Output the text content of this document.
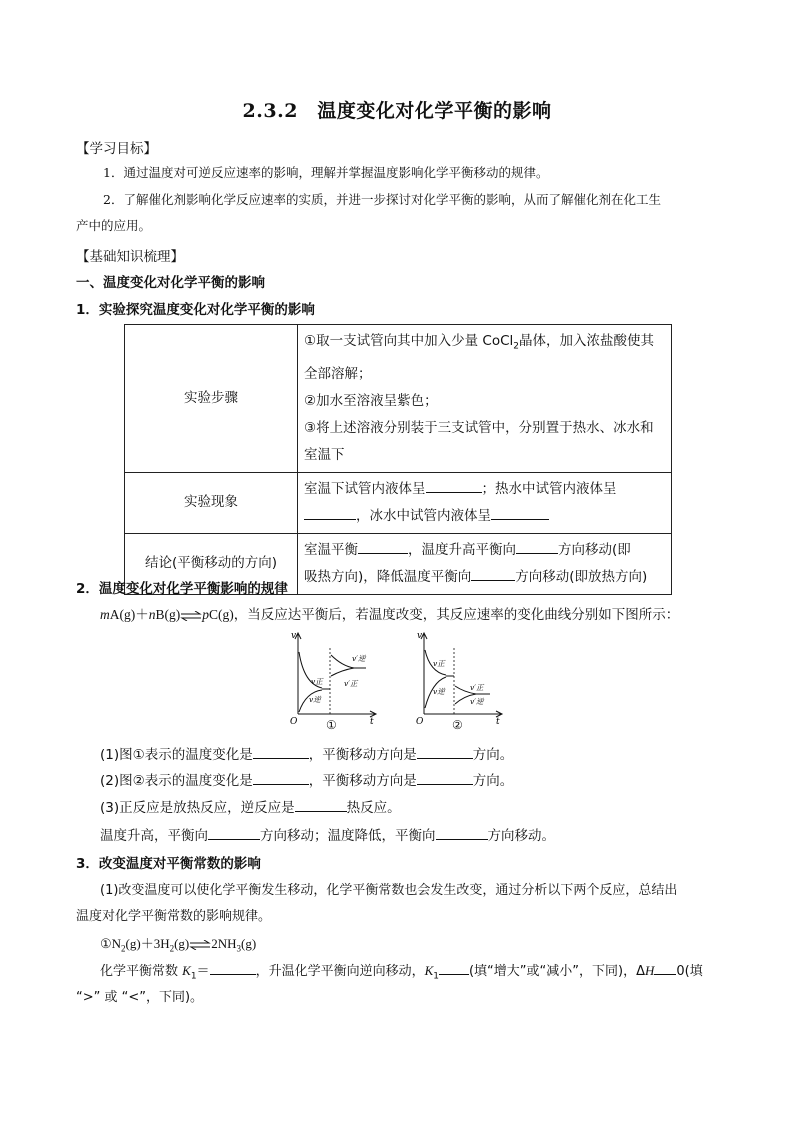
2.3.2　温度变化对化学平衡的影响
【学习目标】
1．通过温度对可逆反应速率的影响，理解并掌握温度影响化学平衡移动的规律。
2．了解催化剂影响化学反应速率的实质，并进一步探讨对化学平衡的影响，从而了解催化剂在化工生
产中的应用。
【基础知识梳理】
一、温度变化对化学平衡的影响
1．实验探究温度变化对化学平衡的影响
实验步骤	①取一支试管向其中加入少量 CoCl$_2$晶体，加入浓盐酸使其
全部溶解；
②加水至溶液呈紫色；
③将上述溶液分别装于三支试管中，分别置于热水、冰水和
室温下

实验现象	室温下试管内液体呈 ；热水中试管内液体呈
，冰水中试管内液体呈

结论(平衡移动的方向)	室温平衡 ，温度升高平衡向 方向移动(即
吸热方向)，降低温度平衡向 方向移动(即放热方向)
2．温度变化对化学平衡影响的规律
mA(g)＋nB(g)⇌pC(g)，当反应达平衡后，若温度改变，其反应速率的变化曲线分别如下图所示：
v
O	t
v′逆
v′正
v正
v逆
①
v
O	t
v正
v逆	v′正
v′逆
②
(1)图①表示的温度变化是	，平衡移动方向是	方向。
(2)图②表示的温度变化是	，平衡移动方向是	方向。
(3)正反应是放热反应，逆反应是	热反应。
温度升高，平衡向	方向移动；温度降低，平衡向	方向移动。
3．改变温度对平衡常数的影响
(1)改变温度可以使化学平衡发生移动，化学平衡常数也会发生改变，通过分析以下两个反应，总结出
温度对化学平衡常数的影响规律。
$①N_2(g)+3H_2(g)\rightleftharpoons 2NH_3(g)$
化学平衡常数 $K_1=$	，升温化学平衡向逆向移动，$K_1$ (填“增大”或“减小”，下同)，ΔH 0(填
“>” 或 “<”，下同)。
